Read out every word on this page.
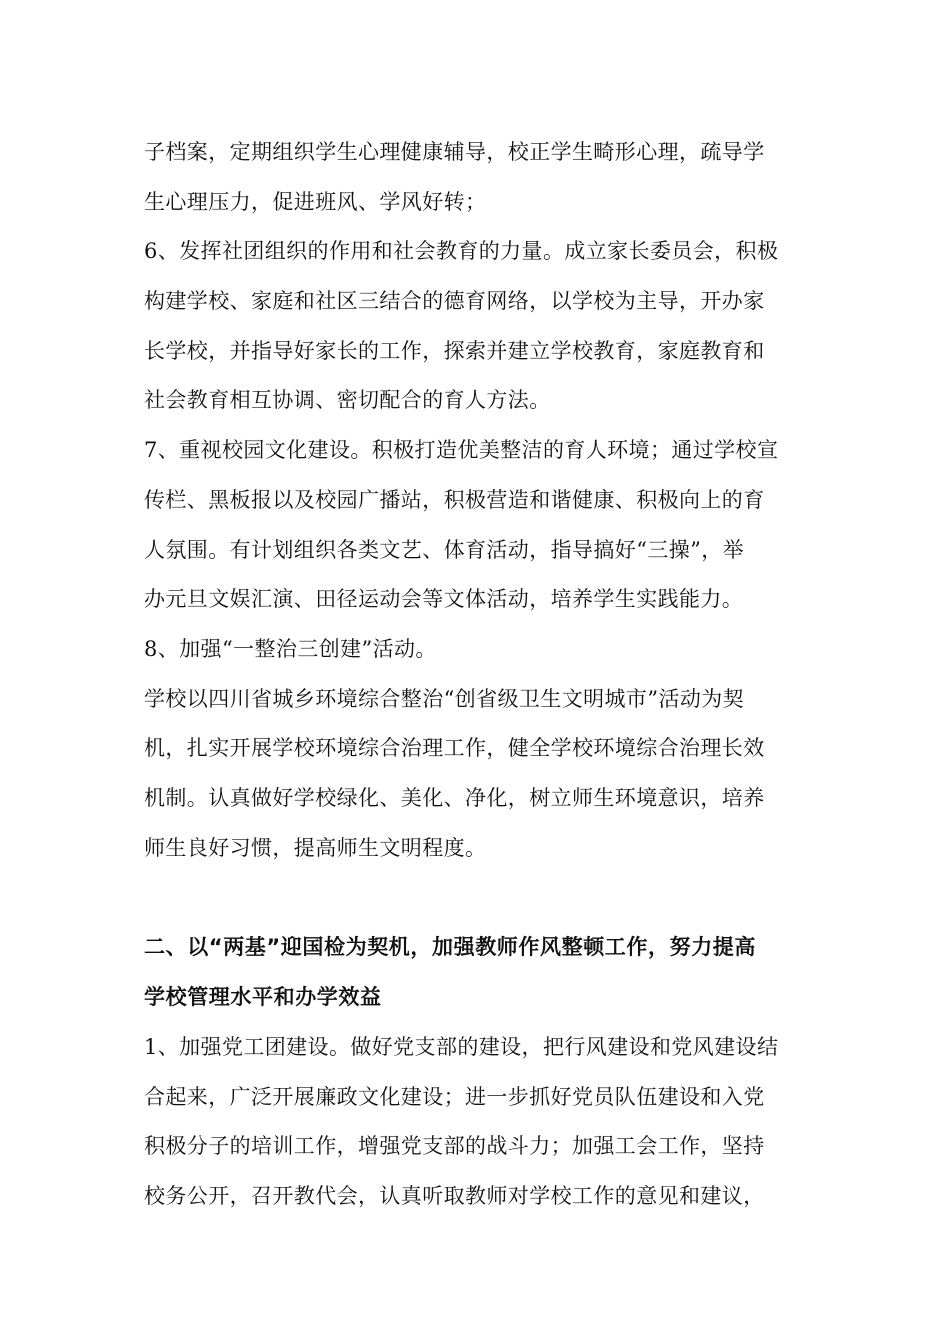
子档案，定期组织学生心理健康辅导，校正学生畸形心理，疏导学
生心理压力，促进班风、学风好转；
6、发挥社团组织的作用和社会教育的力量。成立家长委员会，积极
构建学校、家庭和社区三结合的德育网络，以学校为主导，开办家
长学校，并指导好家长的工作，探索并建立学校教育，家庭教育和
社会教育相互协调、密切配合的育人方法。
7、重视校园文化建设。积极打造优美整洁的育人环境；通过学校宣
传栏、黑板报以及校园广播站，积极营造和谐健康、积极向上的育
人氛围。有计划组织各类文艺、体育活动，指导搞好“三操”，举
办元旦文娱汇演、田径运动会等文体活动，培养学生实践能力。
8、加强“一整治三创建”活动。
学校以四川省城乡环境综合整治“创省级卫生文明城市”活动为契
机，扎实开展学校环境综合治理工作，健全学校环境综合治理长效
机制。认真做好学校绿化、美化、净化，树立师生环境意识，培养
师生良好习惯，提高师生文明程度。
二、以“两基”迎国检为契机，加强教师作风整顿工作，努力提高
学校管理水平和办学效益
1、加强党工团建设。做好党支部的建设，把行风建设和党风建设结
合起来，广泛开展廉政文化建设；进一步抓好党员队伍建设和入党
积极分子的培训工作，增强党支部的战斗力；加强工会工作，坚持
校务公开，召开教代会，认真听取教师对学校工作的意见和建议，
